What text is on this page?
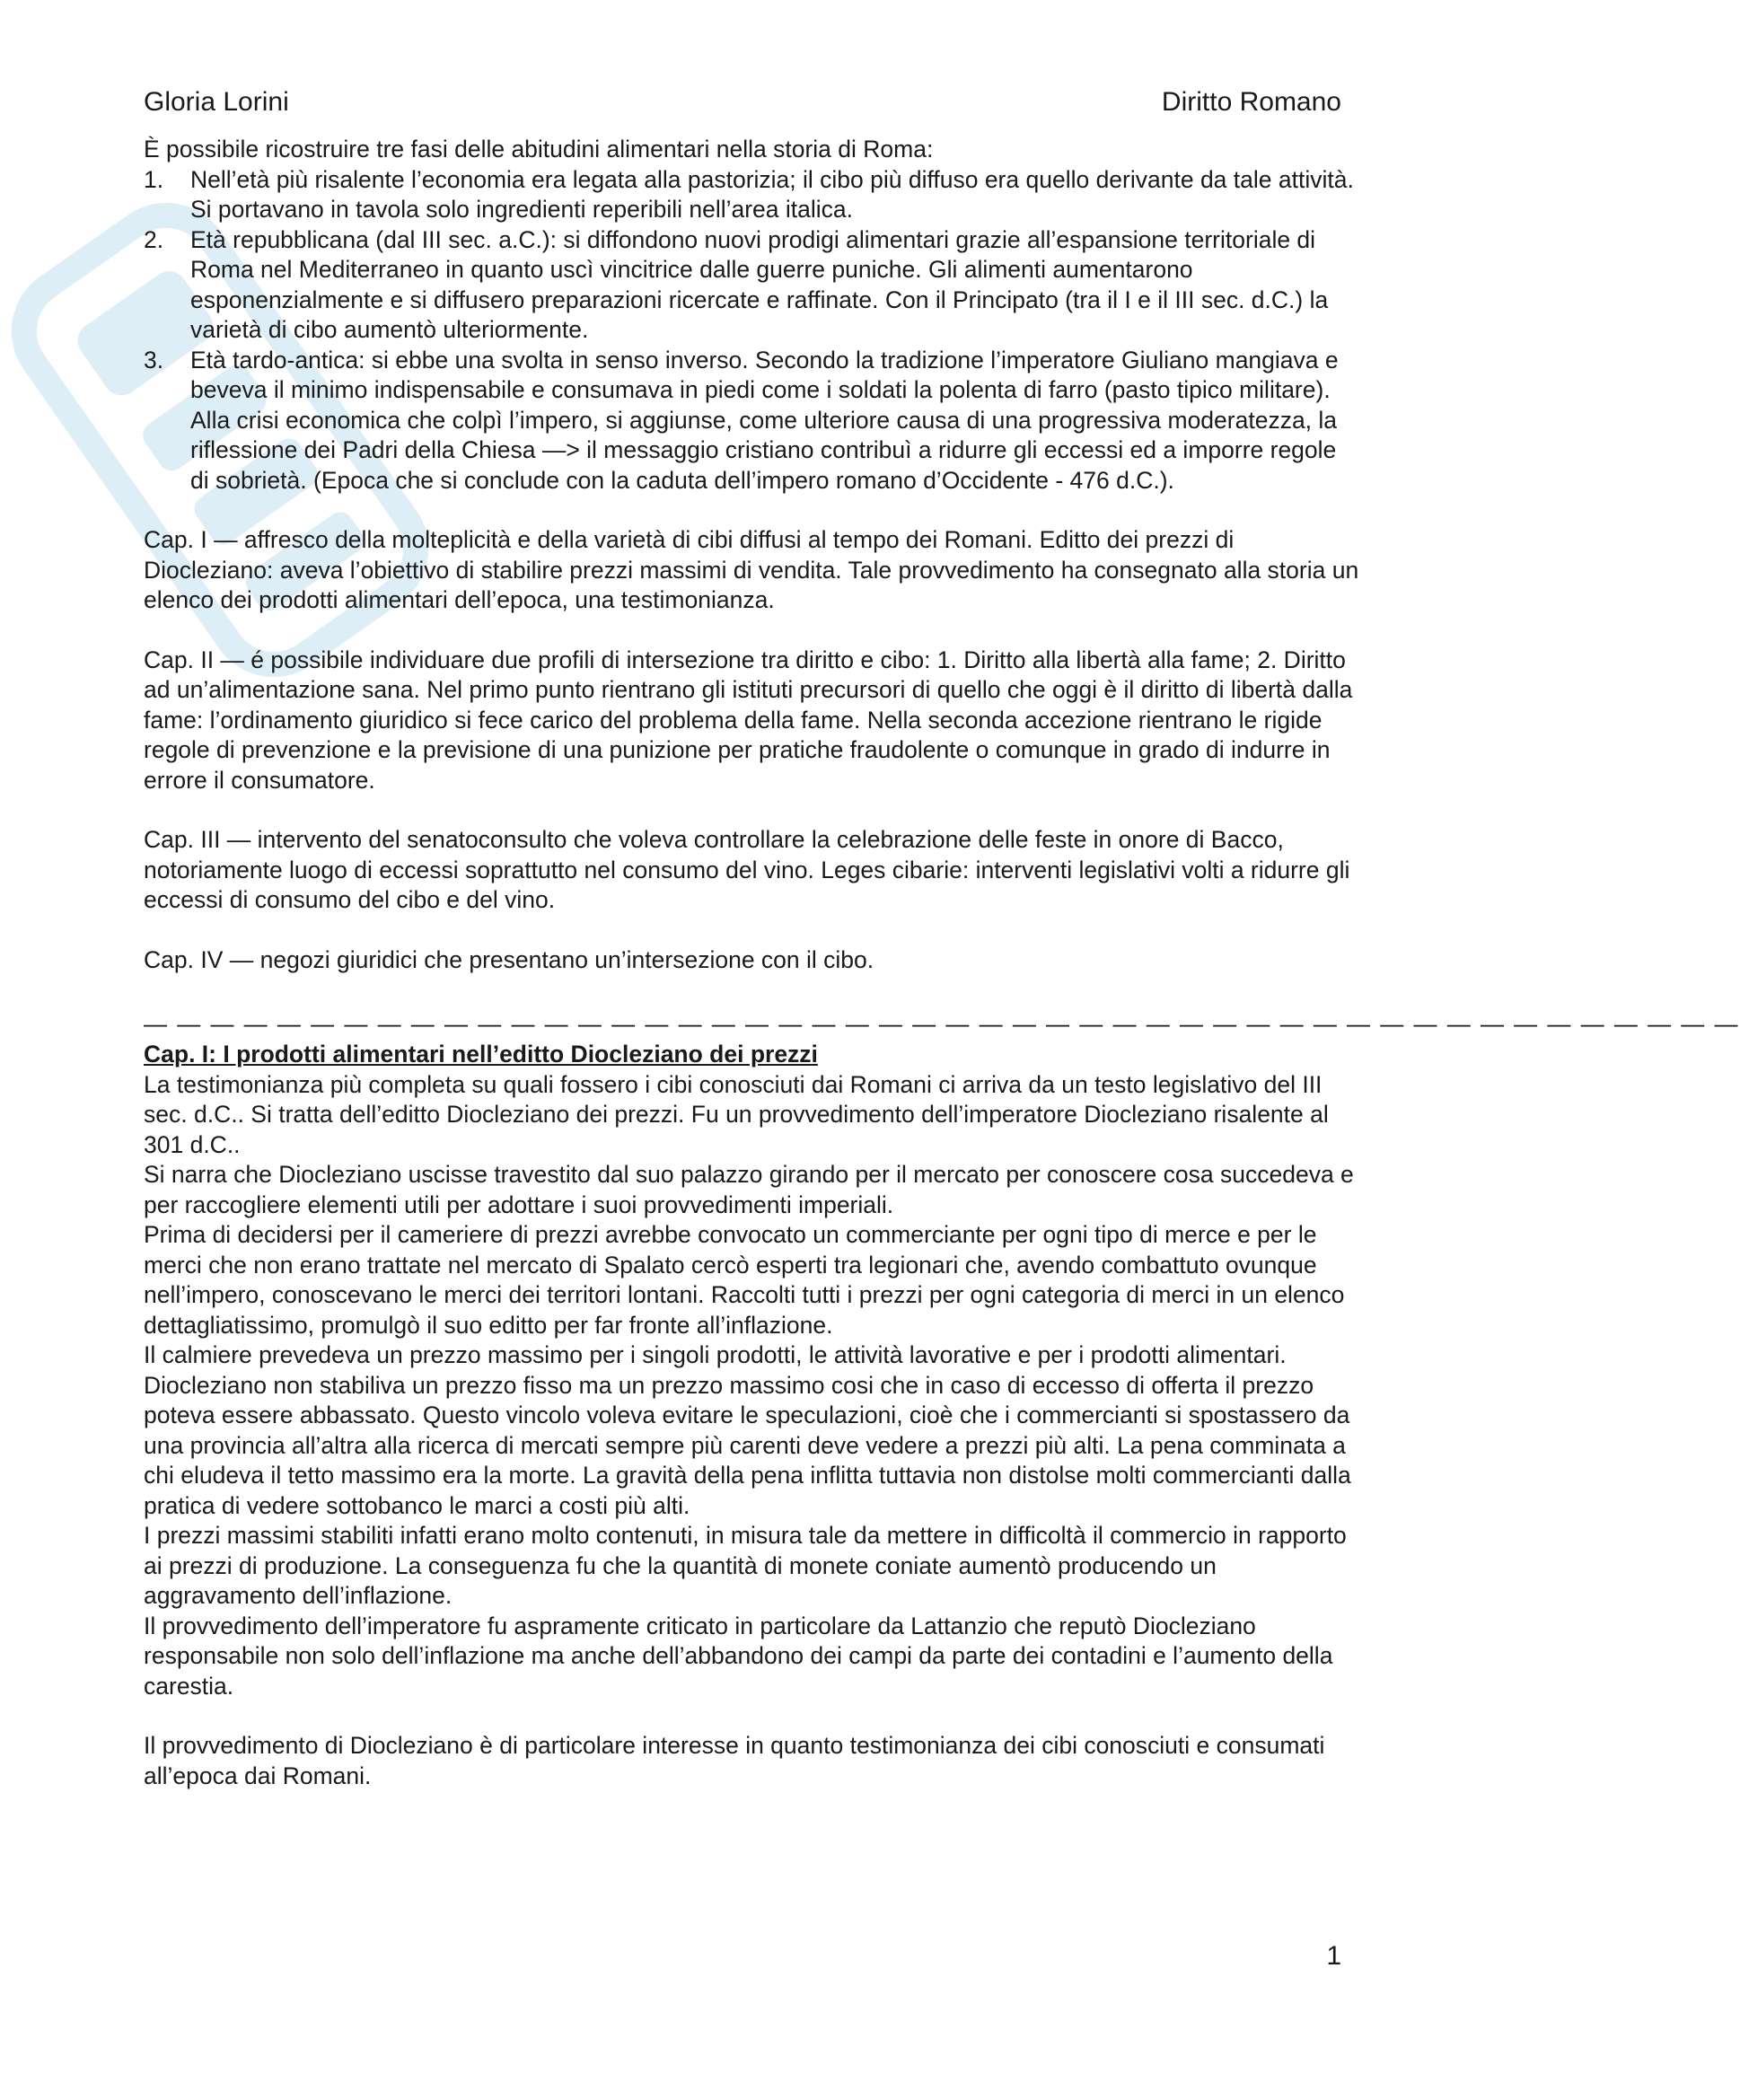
Gloria Lorini	Diritto Romano

È possibile ricostruire tre fasi delle abitudini alimentari nella storia di Roma:

1.	Nell’età più risalente l’economia era legata alla pastorizia; il cibo più diffuso era quello derivante da tale attività. Si portavano in tavola solo ingredienti reperibili nell’area italica.
2.	Età repubblicana (dal III sec. a.C.): si diffondono nuovi prodigi alimentari grazie all’espansione territoriale di Roma nel Mediterraneo in quanto uscì vincitrice dalle guerre puniche. Gli alimenti aumentarono esponenzialmente e si diffusero preparazioni ricercate e raffinate. Con il Principato (tra il I e il III sec. d.C.) la varietà di cibo aumentò ulteriormente.
3.	Età tardo-antica: si ebbe una svolta in senso inverso. Secondo la tradizione l’imperatore Giuliano mangiava e beveva il minimo indispensabile e consumava in piedi come i soldati la polenta di farro (pasto tipico militare). Alla crisi economica che colpì l’impero, si aggiunse, come ulteriore causa di una progressiva moderatezza, la riflessione dei Padri della Chiesa —> il messaggio cristiano contribuì a ridurre gli eccessi ed a imporre regole di sobrietà. (Epoca che si conclude con la caduta dell’impero romano d’Occidente - 476 d.C.).

Cap. I — affresco della molteplicità e della varietà di cibi diffusi al tempo dei Romani. Editto dei prezzi di Diocleziano: aveva l’obiettivo di stabilire prezzi massimi di vendita. Tale provvedimento ha consegnato alla storia un elenco dei prodotti alimentari dell’epoca, una testimonianza.

Cap. II — é possibile individuare due profili di intersezione tra diritto e cibo: 1. Diritto alla libertà alla fame; 2. Diritto ad un’alimentazione sana. Nel primo punto rientrano gli istituti precursori di quello che oggi è il diritto di libertà dalla fame: l’ordinamento giuridico si fece carico del problema della fame. Nella seconda accezione rientrano le rigide regole di prevenzione e la previsione di una punizione per pratiche fraudolente o comunque in grado di indurre in errore il consumatore.

Cap. III — intervento del senatoconsulto che voleva controllare la celebrazione delle feste in onore di Bacco, notoriamente luogo di eccessi soprattutto nel consumo del vino. Leges cibarie: interventi legislativi volti a ridurre gli eccessi di consumo del cibo e del vino.

Cap. IV — negozi giuridici che presentano un’intersezione con il cibo.

— — — — — — — — — — — — — — — — — — — — — — — — — — — — — — — — — — — — — — — — — — — — — — — —

Cap. I: I prodotti alimentari nell’editto Diocleziano dei prezzi

La testimonianza più completa su quali fossero i cibi conosciuti dai Romani ci arriva da un testo legislativo del III sec. d.C.. Si tratta dell’editto Diocleziano dei prezzi. Fu un provvedimento dell’imperatore Diocleziano risalente al 301 d.C..

Si narra che Diocleziano uscisse travestito dal suo palazzo girando per il mercato per conoscere cosa succedeva e per raccogliere elementi utili per adottare i suoi provvedimenti imperiali.

Prima di decidersi per il cameriere di prezzi avrebbe convocato un commerciante per ogni tipo di merce e per le merci che non erano trattate nel mercato di Spalato cercò esperti tra legionari che, avendo combattuto ovunque nell’impero, conoscevano le merci dei territori lontani. Raccolti tutti i prezzi per ogni categoria di merci in un elenco dettagliatissimo, promulgò il suo editto per far fronte all’inflazione.

Il calmiere prevedeva un prezzo massimo per i singoli prodotti, le attività lavorative e per i prodotti alimentari. Diocleziano non stabiliva un prezzo fisso ma un prezzo massimo cosi che in caso di eccesso di offerta il prezzo poteva essere abbassato. Questo vincolo voleva evitare le speculazioni, cioè che i commercianti si spostassero da una provincia all’altra alla ricerca di mercati sempre più carenti deve vedere a prezzi più alti. La pena comminata a chi eludeva il tetto massimo era la morte. La gravità della pena inflitta tuttavia non distolse molti commercianti dalla pratica di vedere sottobanco le marci a costi più alti.

I prezzi massimi stabiliti infatti erano molto contenuti, in misura tale da mettere in difficoltà il commercio in rapporto ai prezzi di produzione. La conseguenza fu che la quantità di monete coniate aumentò producendo un aggravamento dell’inflazione.

Il provvedimento dell’imperatore fu aspramente criticato in particolare da Lattanzio che reputò Diocleziano responsabile non solo dell’inflazione ma anche dell’abbandono dei campi da parte dei contadini e l’aumento della carestia.

Il provvedimento di Diocleziano è di particolare interesse in quanto testimonianza dei cibi conosciuti e consumati all’epoca dai Romani.

1
